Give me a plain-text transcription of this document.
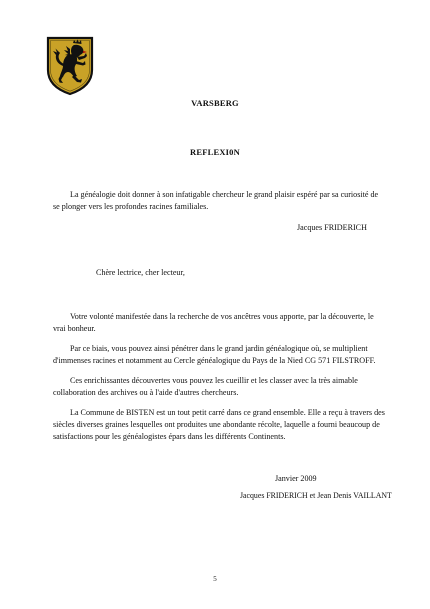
VARSBERG
REFLEXI0N
La généalogie doit donner à son infatigable chercheur le grand plaisir espéré par sa curiosité de
se plonger vers les profondes racines familiales.
Jacques FRIDERICH
Chère lectrice, cher lecteur,
Votre volonté manifestée dans la recherche de vos ancêtres vous apporte, par la découverte, le
vrai bonheur.
Par ce biais, vous pouvez ainsi pénétrer dans le grand jardin généalogique où, se multiplient
d'immenses racines et notamment au Cercle généalogique du Pays de la Nied CG 571 FILSTROFF.
Ces enrichissantes découvertes vous pouvez les cueillir et les classer avec la très aimable
collaboration des archives ou à l'aide d'autres chercheurs.
La Commune de BISTEN est un tout petit carré dans ce grand ensemble. Elle a reçu à travers des
siècles diverses graines lesquelles ont produites une abondante récolte, laquelle a fourni beaucoup de
satisfactions pour les généalogistes épars dans les différents Continents.
Janvier 2009
Jacques FRIDERICH et Jean Denis VAILLANT
5
